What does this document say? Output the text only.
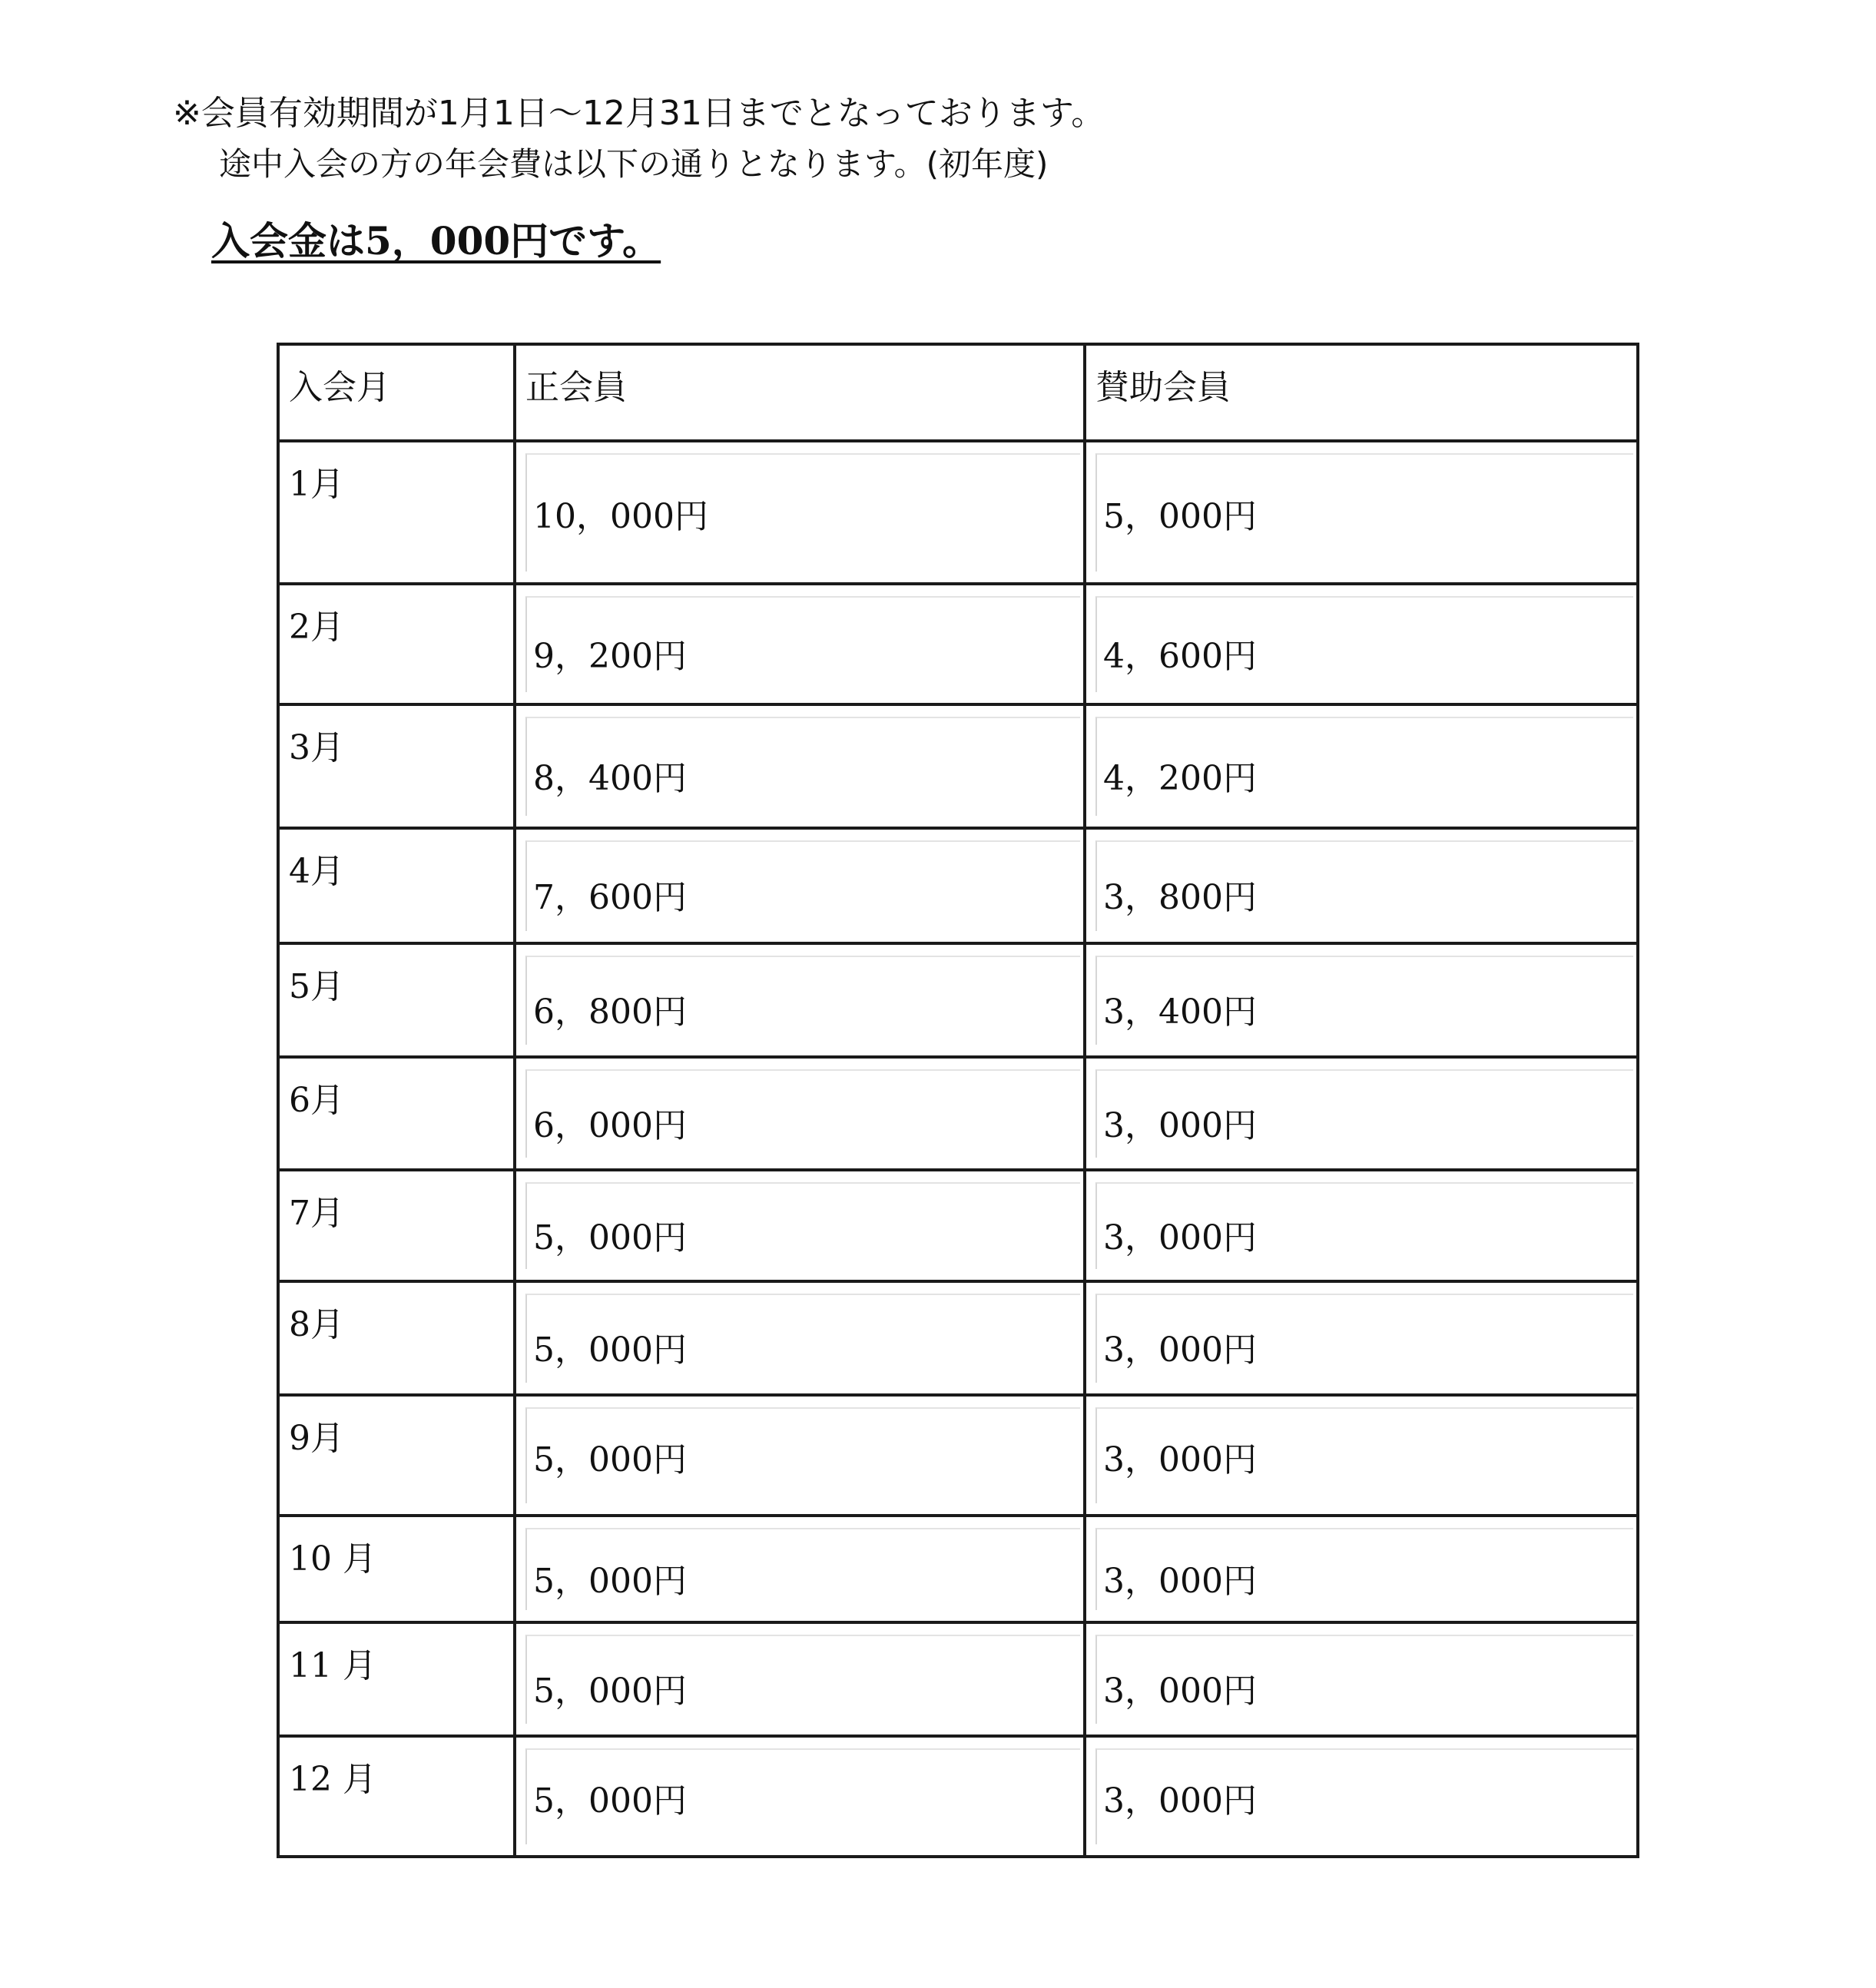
※会員有効期間が1月1日～12月31日までとなっております。
途中入会の方の年会費は以下の通りとなります。(初年度)
入会金は5，000円です。
入会月	正会員	賛助会員

1月	10，000円	5，000円

2月	9，200円	4，600円

3月	8，400円	4，200円

4月	7，600円	3，800円

5月	6，800円	3，400円

6月	6，000円	3，000円

7月	5，000円	3，000円

8月	5，000円	3，000円

9月	5，000円	3，000円

10 月	5，000円	3，000円

11 月	5，000円	3，000円

12 月	5，000円	3，000円
